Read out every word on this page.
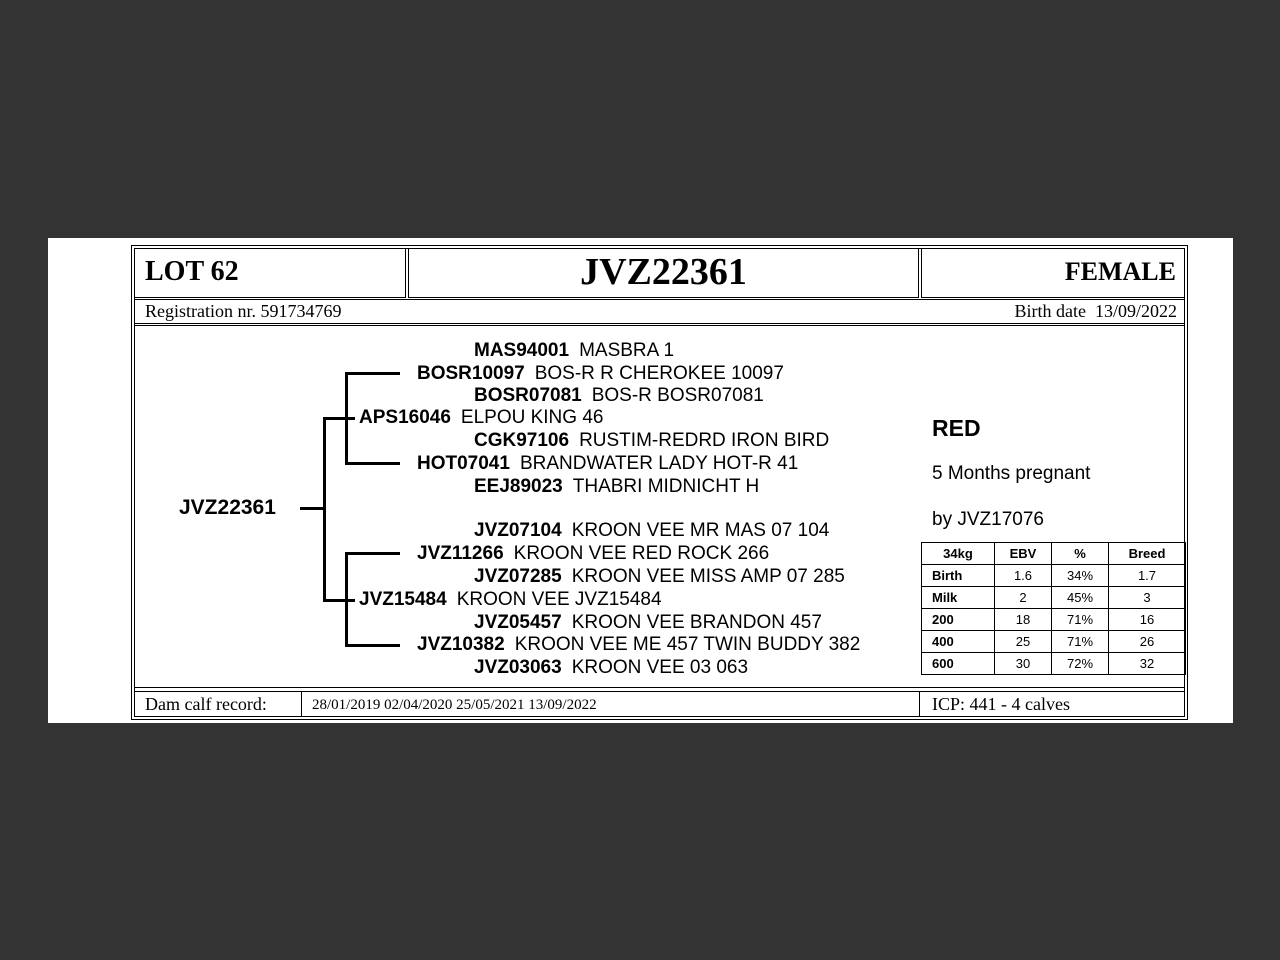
LOT 62	JVZ22361	FEMALE
Registration nr. 591734769	Birth date  13/09/2022
JVZ22361
MAS94001 MASBRA 1
BOSR10097 BOS-R R CHEROKEE 10097
BOSR07081 BOS-R BOSR07081
APS16046 ELPOU KING 46
CGK97106 RUSTIM-REDRD IRON BIRD
HOT07041 BRANDWATER LADY HOT-R 41
EEJ89023 THABRI MIDNICHT H
JVZ07104 KROON VEE MR MAS 07 104
JVZ11266 KROON VEE RED ROCK 266
JVZ07285 KROON VEE MISS AMP 07 285
JVZ15484 KROON VEE JVZ15484
JVZ05457 KROON VEE BRANDON 457
JVZ10382 KROON VEE ME 457 TWIN BUDDY 382
JVZ03063 KROON VEE 03 063
RED
5 Months pregnant
by JVZ17076
34kg	EBV	%	Breed
Birth	1.6	34%	1.7
Milk	2	45%	3
200	18	71%	16
400	25	71%	26
600	30	72%	32
Dam calf record:	28/01/2019 02/04/2020 25/05/2021 13/09/2022	ICP: 441 - 4 calves
